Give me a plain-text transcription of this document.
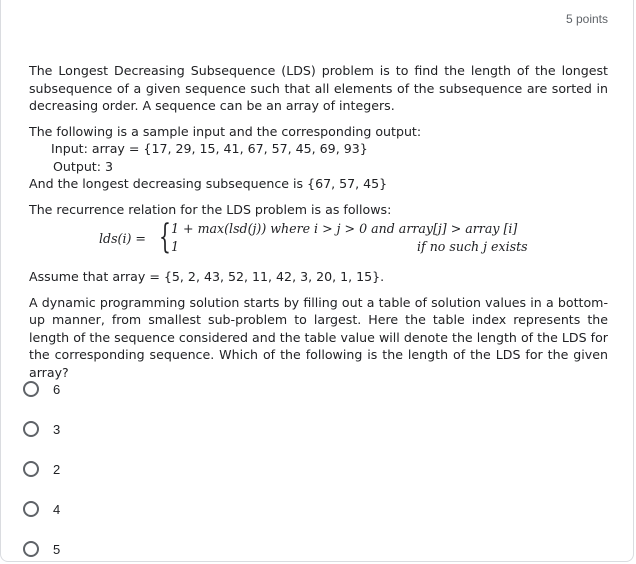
5 points

The Longest Decreasing Subsequence (LDS) problem is to find the length of the longest subsequence of a given sequence such that all elements of the subsequence are sorted in decreasing order. A sequence can be an array of integers.

The following is a sample input and the corresponding output:

Input: array = {17, 29, 15, 41, 67, 57, 45, 69, 93}

Output: 3

And the longest decreasing subsequence is {67, 57, 45}

The recurrence relation for the LDS problem is as follows:

lds(i) = { 1 + max(lsd(j)) where i > j > 0 and array[j] > array [i]
1	if no such j exists

Assume that array = {5, 2, 43, 52, 11, 42, 3, 20, 1, 15}.

A dynamic programming solution starts by filling out a table of solution values in a bottom-up manner, from smallest sub-problem to largest. Here the table index represents the length of the sequence considered and the table value will denote the length of the LDS for the corresponding sequence. Which of the following is the length of the LDS for the given array?

6
3
2
4
5
